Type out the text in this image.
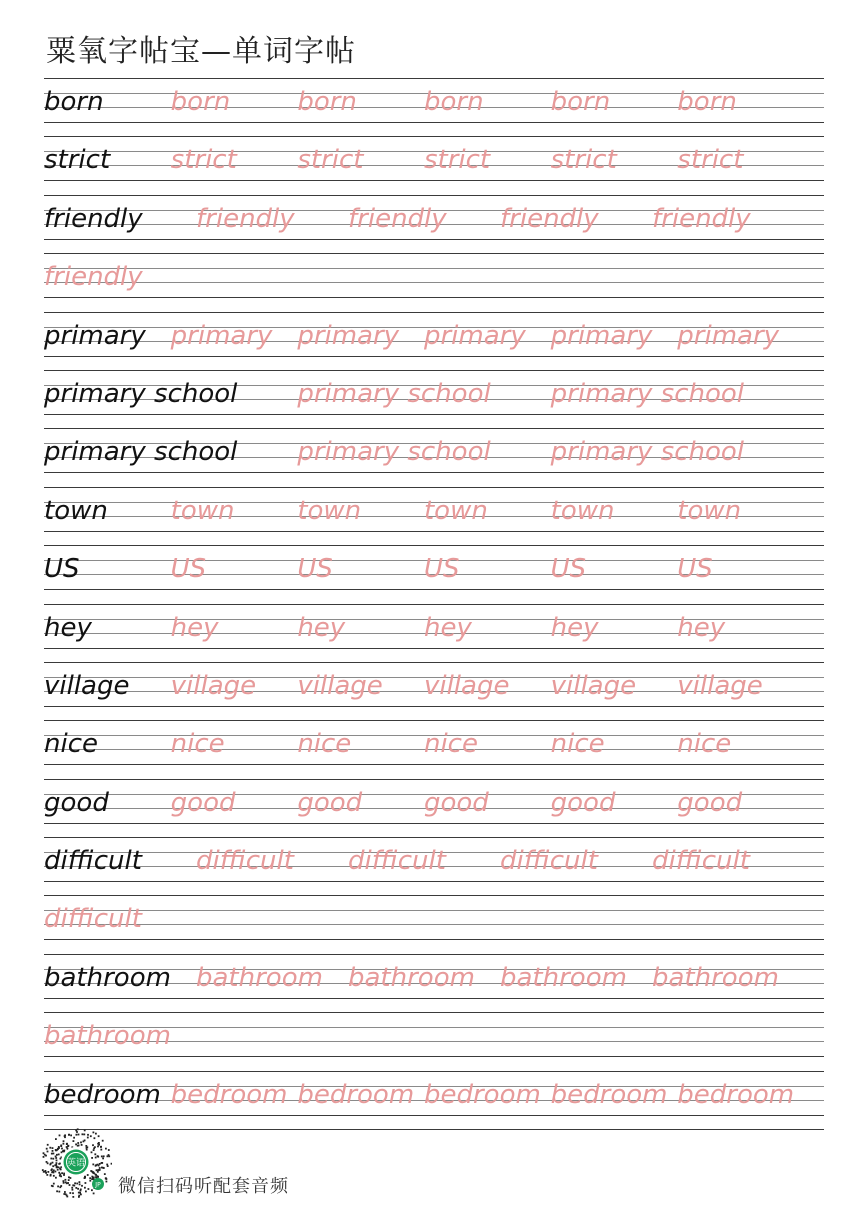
粟氧字帖宝—单词字帖
born	born	born	born	born	born
strict	strict	strict	strict	strict	strict
friendly	friendly	friendly	friendly	friendly
friendly
primary primary primary primary primary primary
primary school	primary school	primary school
primary school	primary school	primary school
town	town	town	town	town	town
US	US	US	US	US	US
hey	hey	hey	hey	hey	hey
village	village	village	village	village	village
nice	nice	nice	nice	nice	nice
good	good	good	good	good	good
difficult	difficult	difficult	difficult	difficult
difficult
bathroom bathroom bathroom bathroom bathroom
bathroom
bedroom bedroom bedroom bedroom bedroom bedroom
英语
JP 微信扫码听配套音频
